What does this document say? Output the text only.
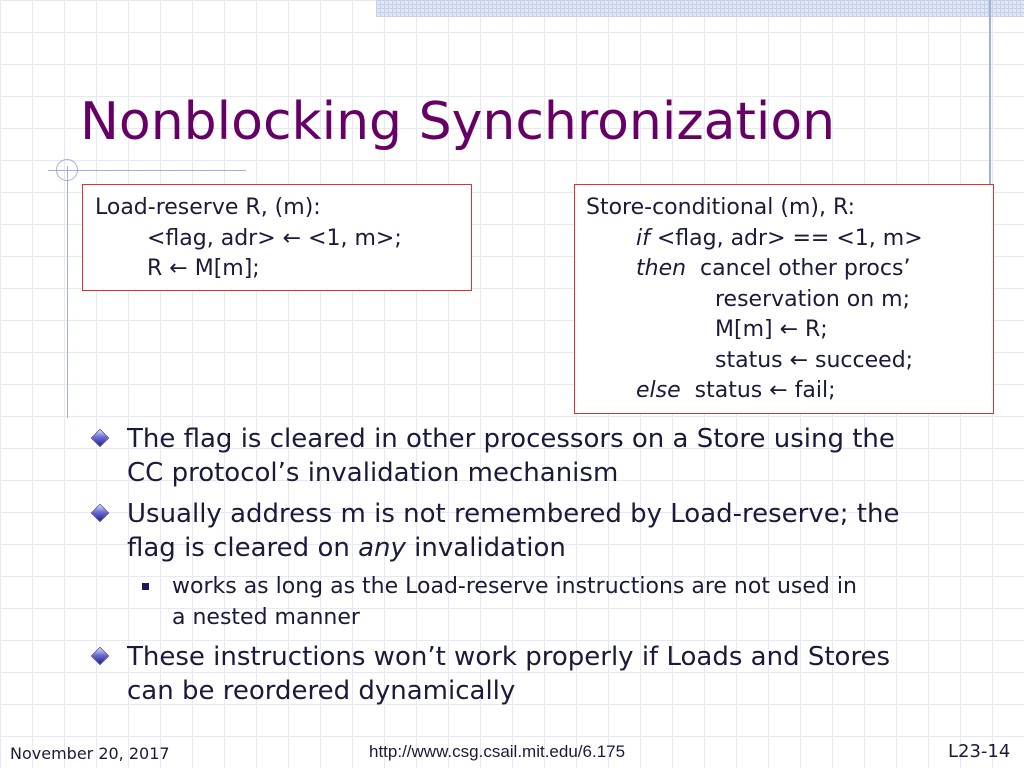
Nonblocking Synchronization
Load-reserve R, (m):
<flag, adr> ← <1, m>;
R ← M[m];
Store-conditional (m), R:
if <flag, adr> == <1, m>
then  cancel other procs’
reservation on m;
M[m] ← R;
status ← succeed;
else  status ← fail;
The flag is cleared in other processors on a Store using the
CC protocol’s invalidation mechanism
Usually address m is not remembered by Load-reserve; the
flag is cleared on any invalidation
works as long as the Load-reserve instructions are not used in
a nested manner
These instructions won’t work properly if Loads and Stores
can be reordered dynamically
November 20, 2017	http://www.csg.csail.mit.edu/6.175	L23-14
